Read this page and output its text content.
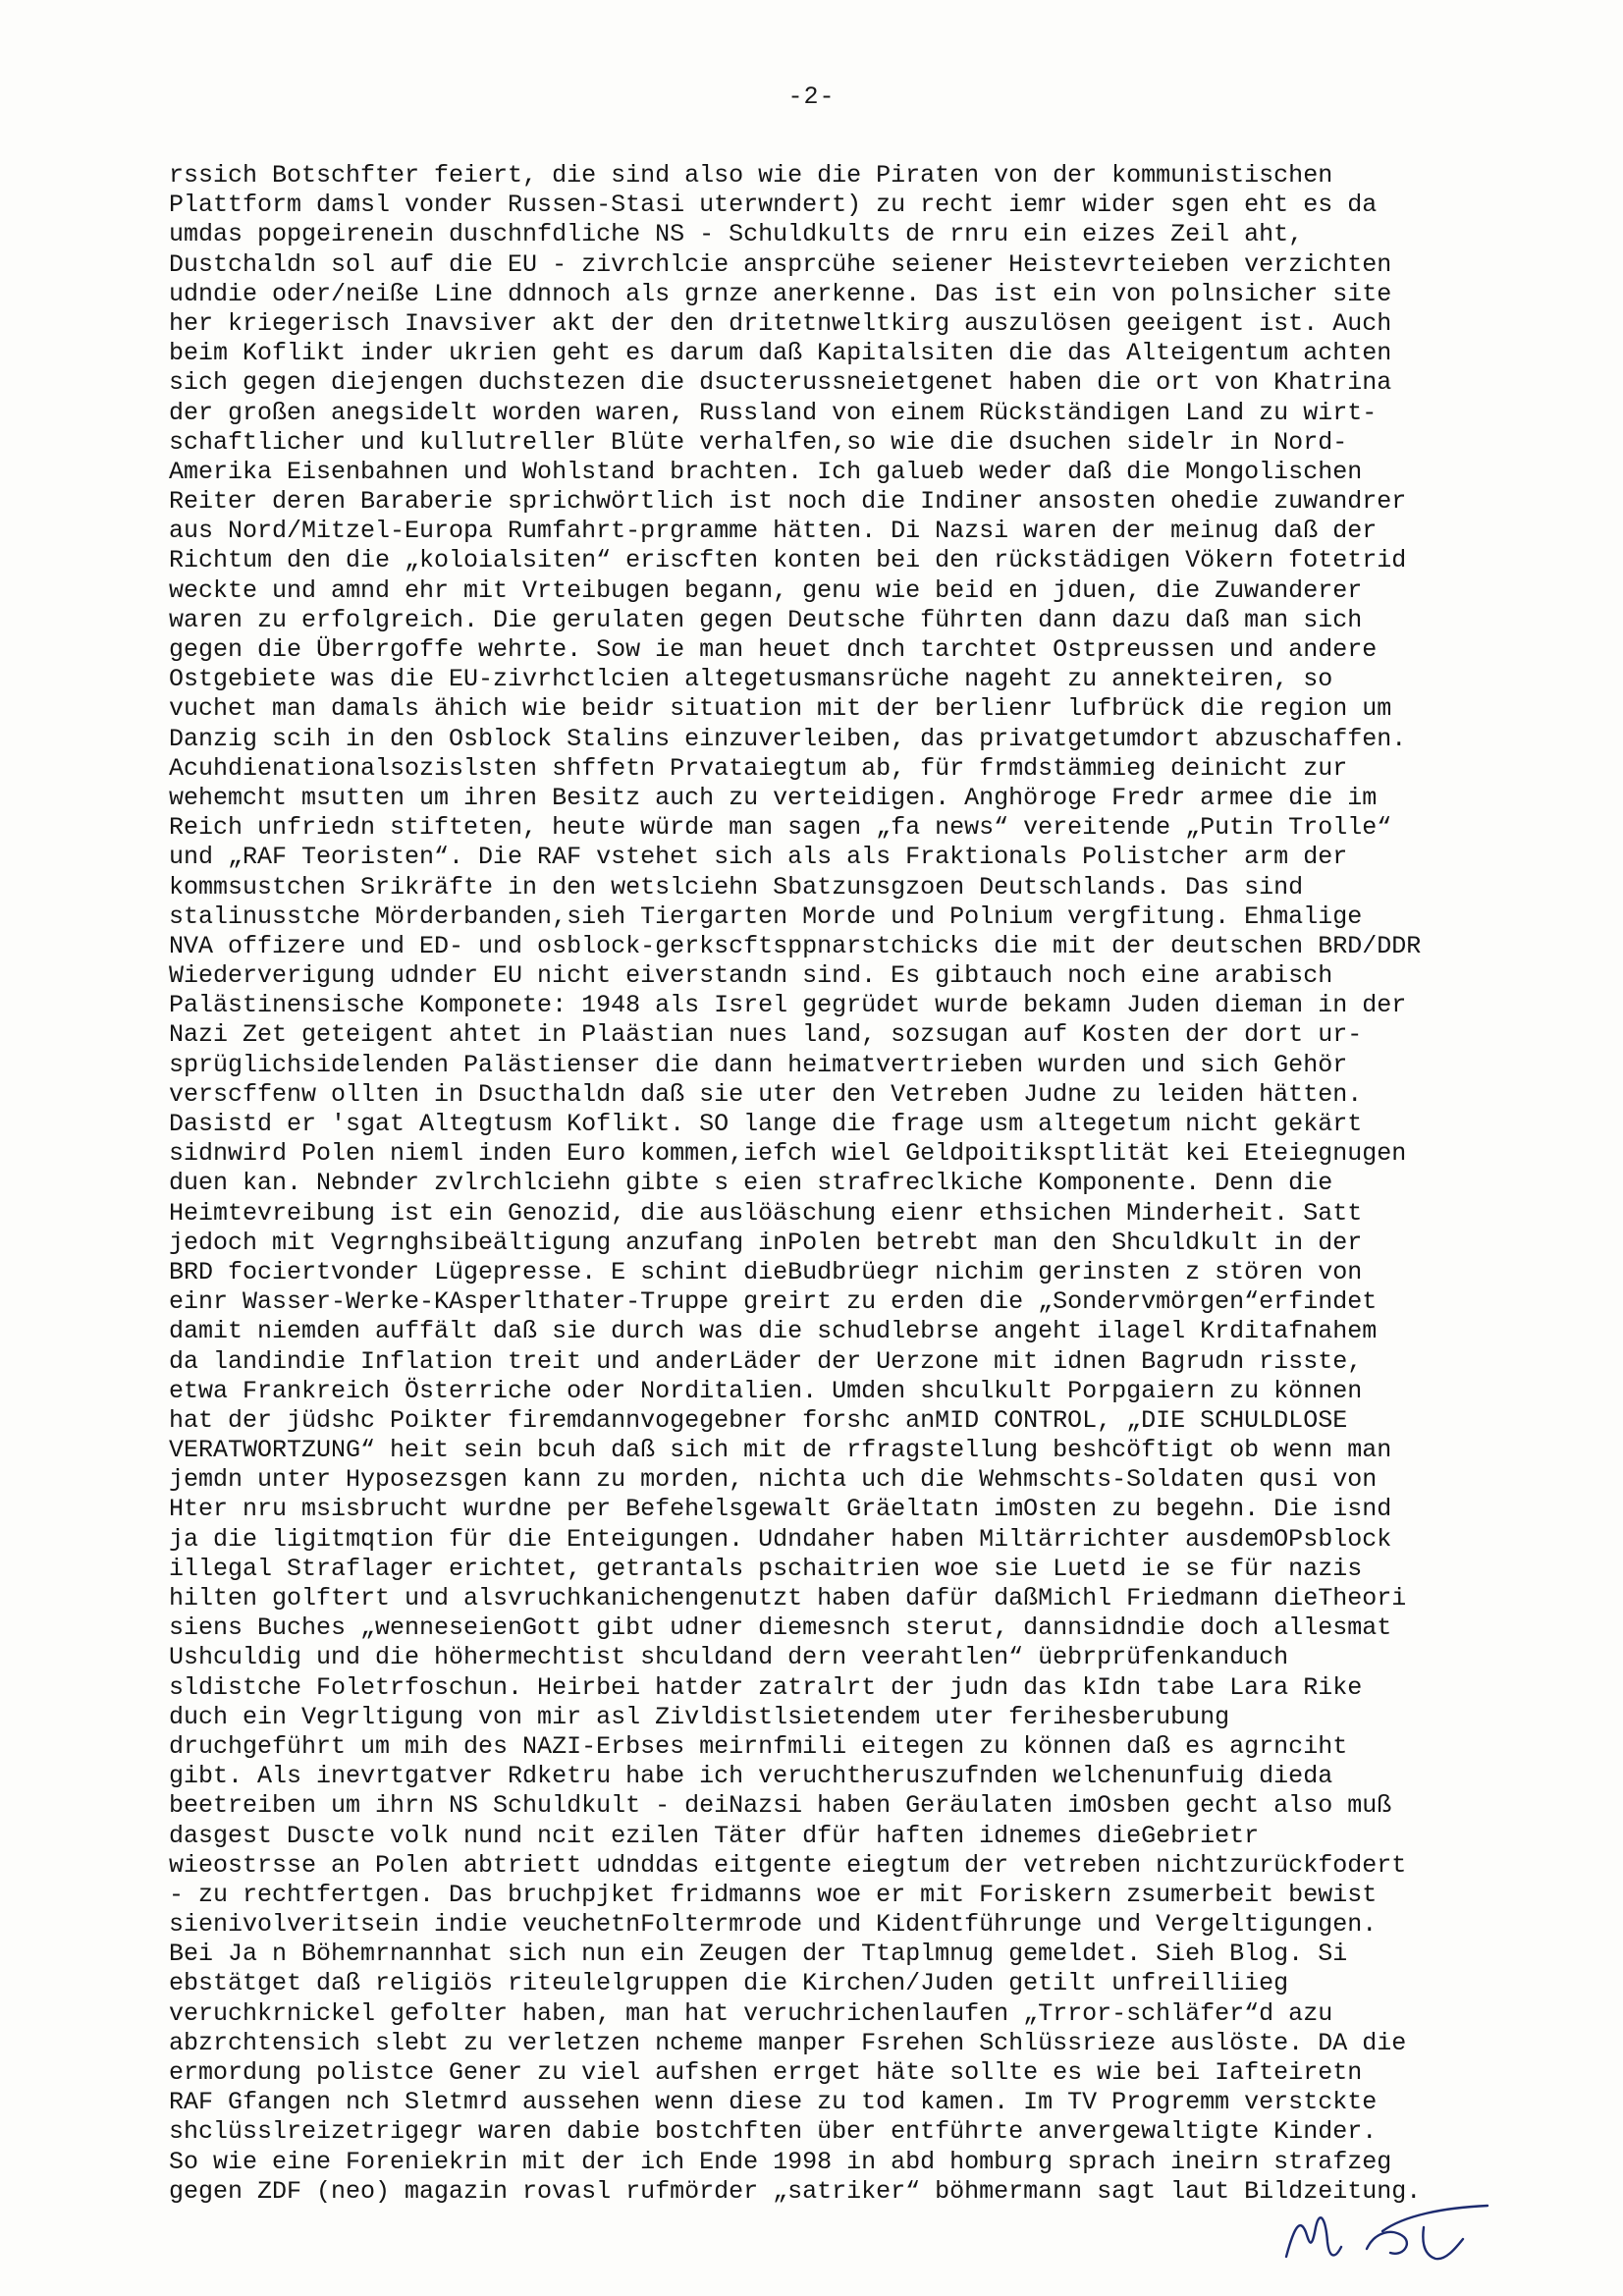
-2-
rssich Botschfter feiert, die sind also wie die Piraten von der kommunistischen
Plattform damsl vonder Russen-Stasi uterwndert) zu recht iemr wider sgen eht es da
umdas popgeirenein duschnfdliche NS - Schuldkults de rnru ein eizes Zeil aht,
Dustchaldn sol auf die EU - zivrchlcie ansprcühe seiener Heistevrteieben verzichten
udndie oder/neiße Line ddnnoch als grnze anerkenne. Das ist ein von polnsicher site
her kriegerisch Inavsiver akt der den dritetnweltkirg auszulösen geeigent ist. Auch
beim Koflikt inder ukrien geht es darum daß Kapitalsiten die das Alteigentum achten
sich gegen diejengen duchstezen die dsucterussneietgenet haben die ort von Khatrina
der großen anegsidelt worden waren, Russland von einem Rückständigen Land zu wirt-
schaftlicher und kullutreller Blüte verhalfen,so wie die dsuchen sidelr in Nord-
Amerika Eisenbahnen und Wohlstand brachten. Ich galueb weder daß die Mongolischen
Reiter deren Baraberie sprichwörtlich ist noch die Indiner ansosten ohedie zuwandrer
aus Nord/Mitzel-Europa Rumfahrt-prgramme hätten. Di Nazsi waren der meinug daß der
Richtum den die „koloialsiten“ eriscften konten bei den rückstädigen Vökern fotetrid
weckte und amnd ehr mit Vrteibugen begann, genu wie beid en jduen, die Zuwanderer
waren zu erfolgreich. Die gerulaten gegen Deutsche führten dann dazu daß man sich
gegen die Überrgoffe wehrte. Sow ie man heuet dnch tarchtet Ostpreussen und andere
Ostgebiete was die EU-zivrhctlcien altegetusmansrüche nageht zu annekteiren, so
vuchet man damals ähich wie beidr situation mit der berlienr lufbrück die region um
Danzig scih in den Osblock Stalins einzuverleiben, das privatgetumdort abzuschaffen.
Acuhdienationalsozislsten shffetn Prvataiegtum ab, für frmdstämmieg deinicht zur
wehemcht msutten um ihren Besitz auch zu verteidigen. Anghöroge Fredr armee die im
Reich unfriedn stifteten, heute würde man sagen „fa news“ vereitende „Putin Trolle“
und „RAF Teoristen“. Die RAF vstehet sich als als Fraktionals Polistcher arm der
kommsustchen Srikräfte in den wetslciehn Sbatzunsgzoen Deutschlands. Das sind
stalinusstche Mörderbanden,sieh Tiergarten Morde und Polnium vergfitung. Ehmalige
NVA offizere und ED- und osblock-gerkscftsppnarstchicks die mit der deutschen BRD/DDR
Wiederverigung udnder EU nicht eiverstandn sind. Es gibtauch noch eine arabisch
Palästinensische Komponete: 1948 als Isrel gegrüdet wurde bekamn Juden dieman in der
Nazi Zet geteigent ahtet in Plaästian nues land, sozsugan auf Kosten der dort ur-
sprüglichsidelenden Palästienser die dann heimatvertrieben wurden und sich Gehör
verscffenw ollten in Dsucthaldn daß sie uter den Vetreben Judne zu leiden hätten.
Dasistd er 'sgat Altegtusm Koflikt. SO lange die frage usm altegetum nicht gekärt
sidnwird Polen nieml inden Euro kommen,iefch wiel Geldpoitiksptlität kei Eteiegnugen
duen kan. Nebnder zvlrchlciehn gibte s eien strafreclkiche Komponente. Denn die
Heimtevreibung ist ein Genozid, die auslöäschung eienr ethsichen Minderheit. Satt
jedoch mit Vegrnghsibeältigung anzufang inPolen betrebt man den Shculdkult in der
BRD fociertvonder Lügepresse. E schint dieBudbrüegr nichim gerinsten z stören von
einr Wasser-Werke-KAsperlthater-Truppe greirt zu erden die „Sondervmörgen“erfindet
damit niemden auffält daß sie durch was die schudlebrse angeht ilagel Krditafnahem
da landindie Inflation treit und anderLäder der Uerzone mit idnen Bagrudn risste,
etwa Frankreich Österriche oder Norditalien. Umden shculkult Porpgaiern zu können
hat der jüdshc Poikter firemdannvogegebner forshc anMID CONTROL, „DIE SCHULDLOSE
VERATWORTZUNG“ heit sein bcuh daß sich mit de rfragstellung beshcöftigt ob wenn man
jemdn unter Hyposezsgen kann zu morden, nichta uch die Wehmschts-Soldaten qusi von
Hter nru msisbrucht wurdne per Befehelsgewalt Gräeltatn imOsten zu begehn. Die isnd
ja die ligitmqtion für die Enteigungen. Udndaher haben Miltärrichter ausdemOPsblock
illegal Straflager erichtet, getrantals pschaitrien woe sie Luetd ie se für nazis
hilten golftert und alsvruchkanichengenutzt haben dafür daßMichl Friedmann dieTheori
siens Buches „wenneseienGott gibt udner diemesnch sterut, dannsidndie doch allesmat
Ushculdig und die höhermechtist shculdand dern veerahtlen“ üebrprüfenkanduch
sldistche Foletrfoschun. Heirbei hatder zatralrt der judn das kIdn tabe Lara Rike
duch ein Vegrltigung von mir asl Zivldistlsietendem uter ferihesberubung
druchgeführt um mih des NAZI-Erbses meirnfmili eitegen zu können daß es agrnciht
gibt. Als inevrtgatver Rdketru habe ich veruchtheruszufnden welchenunfuig dieda
beetreiben um ihrn NS Schuldkult - deiNazsi haben Geräulaten imOsben gecht also muß
dasgest Duscte volk nund ncit ezilen Täter dfür haften idnemes dieGebrietr
wieostrsse an Polen abtriett udnddas eitgente eiegtum der vetreben nichtzurückfodert
- zu rechtfertgen. Das bruchpjket fridmanns woe er mit Foriskern zsumerbeit bewist
sienivolveritsein indie veuchetnFoltermrode und Kidentführunge und Vergeltigungen.
Bei Ja n Böhemrnannhat sich nun ein Zeugen der Ttaplmnug gemeldet. Sieh Blog. Si
ebstätget daß religiös riteulelgruppen die Kirchen/Juden getilt unfreilliieg
veruchkrnickel gefolter haben, man hat veruchrichenlaufen „Trror-schläfer“d azu
abzrchtensich slebt zu verletzen ncheme manper Fsrehen Schlüssrieze auslöste. DA die
ermordung polistce Gener zu viel aufshen errget häte sollte es wie bei Iafteiretn
RAF Gfangen nch Sletmrd aussehen wenn diese zu tod kamen. Im TV Progremm verstckte
shclüsslreizetrigegr waren dabie bostchften über entführte anvergewaltigte Kinder.
So wie eine Foreniekrin mit der ich Ende 1998 in abd homburg sprach ineirn strafzeg
gegen ZDF (neo) magazin rovasl rufmörder „satriker“ böhmermann sagt laut Bildzeitung.
